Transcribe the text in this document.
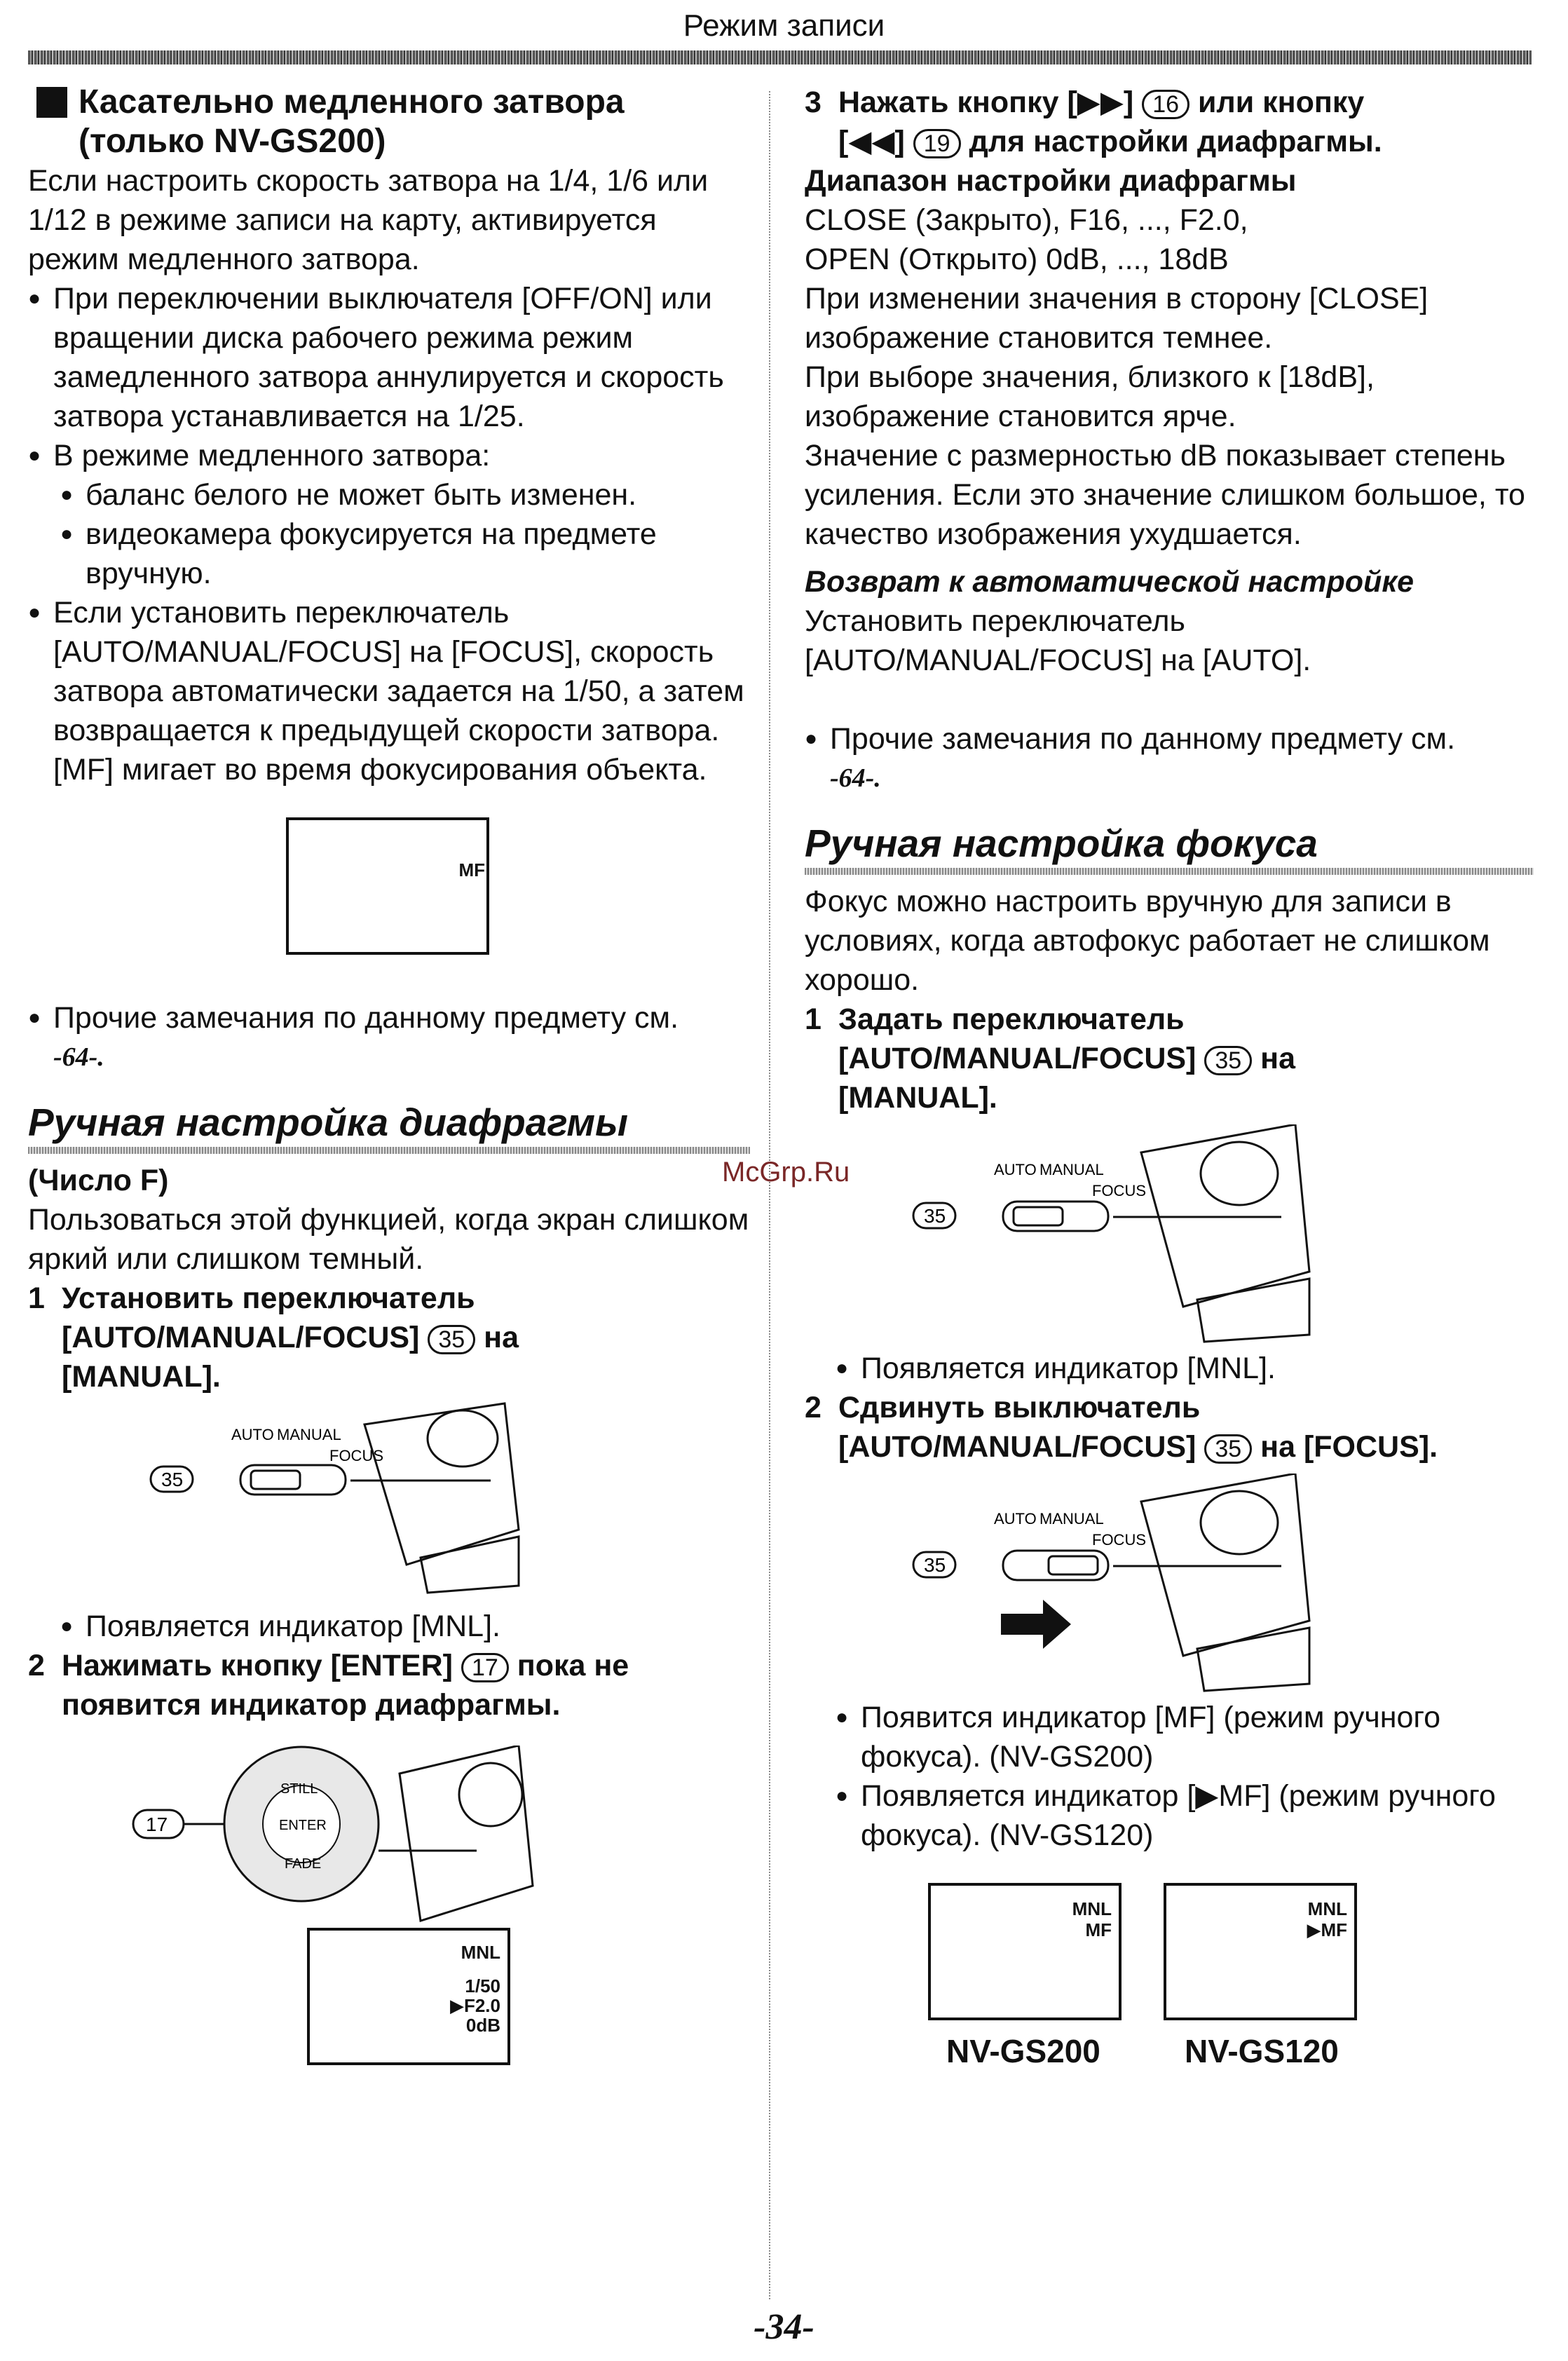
Режим записи
Касательно медленного затвора
(только NV-GS200)

Если настроить скорость затвора на 1/4, 1/6 или 1/12 в режиме записи на карту, активируется режим медленного затвора.

● При переключении выключателя [OFF/ON] или вращении диска рабочего режима режим замедленного затвора аннулируется и скорость затвора устанавливается на 1/25.

● В режиме медленного затвора:

● баланс белого не может быть изменен.

● видеокамера фокусируется на предмете вручную.

● Если установить переключатель [AUTO/MANUAL/FOCUS] на [FOCUS], скорость затвора автоматически задается на 1/50, а затем возвращается к предыдущей скорости затвора. [MF] мигает во время фокусирования объекта.

MF

● Прочие замечания по данному предмету см.

-64-.

Ручная настройка диафрагмы

(Число F)

Пользоваться этой функцией, когда экран слишком яркий или слишком темный.

1 Установить переключатель
[AUTO/MANUAL/FOCUS] 35 на
[MANUAL].
AUTO MANUAL
FOCUS
35

● Появляется индикатор [MNL].

2 Нажимать кнопку [ENTER] 17 пока не появится индикатор диафрагмы.
17
STILL
ENTER
FADE
MNL
1/50
▶F2.0
0dB
3 Нажать кнопку [▶▶] 16 или кнопку
[◀◀] 19 для настройки диафрагмы.

Диапазон настройки диафрагмы

CLOSE (Закрыто), F16, ..., F2.0,

OPEN (Открыто) 0dB, ..., 18dB

При изменении значения в сторону [CLOSE] изображение становится темнее.

При выборе значения, близкого к [18dB], изображение становится ярче.

Значение с размерностью dB показывает степень усиления. Если это значение слишком большое, то качество изображения ухудшается.

Возврат к автоматической настройке

Установить переключатель [AUTO/MANUAL/FOCUS] на [AUTO].

● Прочие замечания по данному предмету см.

-64-.

Ручная настройка фокуса

Фокус можно настроить вручную для записи в условиях, когда автофокус работает не слишком хорошо.

1 Задать переключатель
[AUTO/MANUAL/FOCUS] 35 на
[MANUAL].
AUTO MANUAL
FOCUS
35

● Появляется индикатор [MNL].

2 Сдвинуть выключатель
[AUTO/MANUAL/FOCUS] 35 на [FOCUS].
AUTO MANUAL
FOCUS
35

● Появится индикатор [MF] (режим ручного фокуса). (NV-GS200)

● Появляется индикатор [▶MF] (режим ручного фокуса). (NV-GS120)

MNL
MF
MNL
▶MF
NV-GS200	NV-GS120
McGrp.Ru
-34-
